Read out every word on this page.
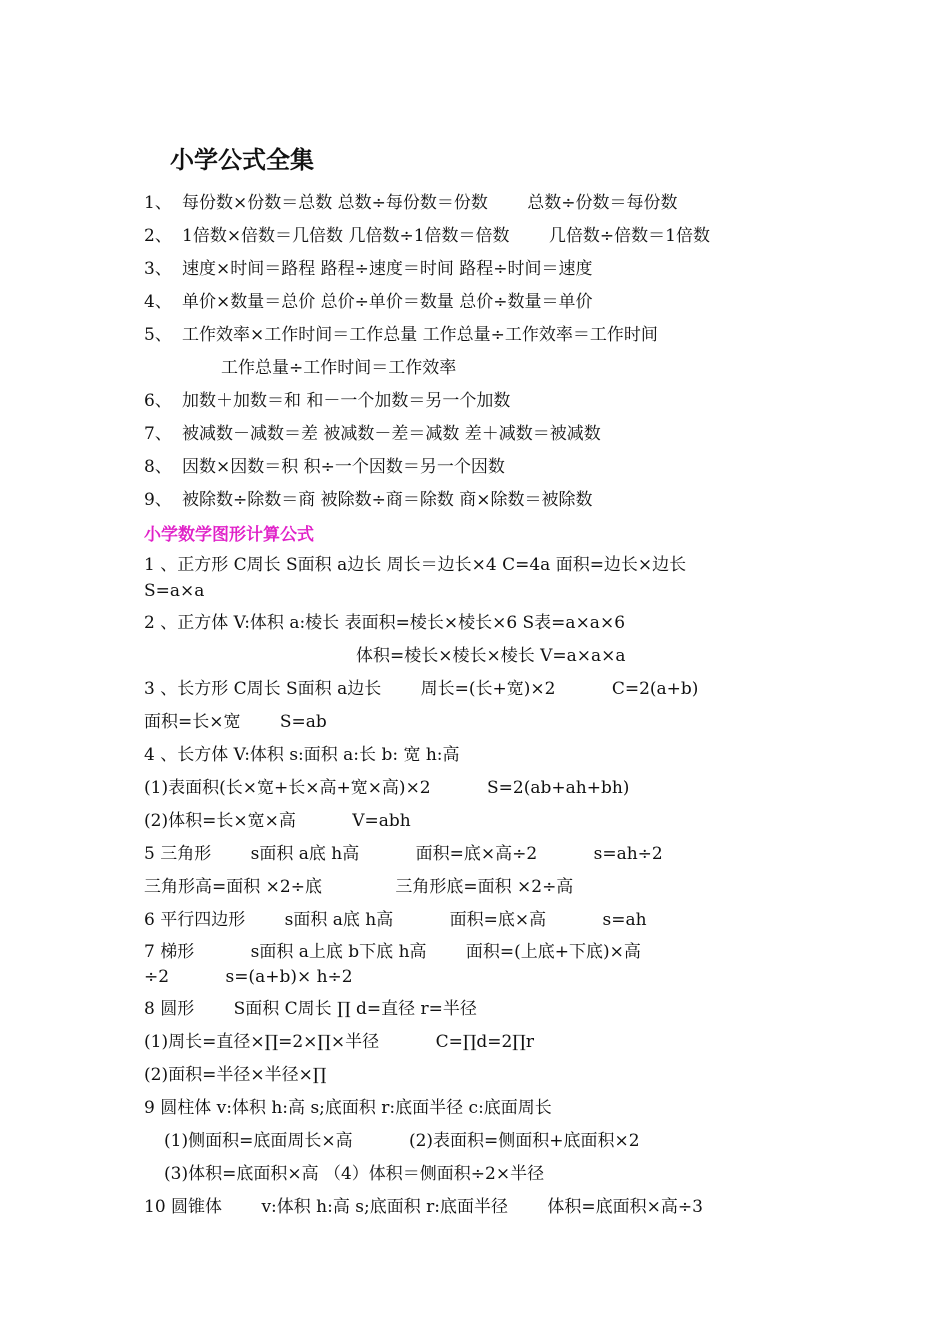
小学公式全集
1、 每份数×份数＝总数 总数÷每份数＝份数 　　总数÷份数＝每份数
2、 1倍数×倍数＝几倍数 几倍数÷1倍数＝倍数 　　几倍数÷倍数＝1倍数
3、 速度×时间＝路程 路程÷速度＝时间 路程÷时间＝速度
4、 单价×数量＝总价 总价÷单价＝数量 总价÷数量＝单价
5、 工作效率×工作时间＝工作总量 工作总量÷工作效率＝工作时间
工作总量÷工作时间＝工作效率
6、 加数＋加数＝和 和－一个加数＝另一个加数
7、 被减数－减数＝差 被减数－差＝减数 差＋减数＝被减数
8、 因数×因数＝积 积÷一个因数＝另一个因数
9、 被除数÷除数＝商 被除数÷商＝除数 商×除数＝被除数
小学数学图形计算公式
1 、正方形 C周长 S面积 a边长 周长＝边长×4 C=4a 面积=边长×边长
S=a×a
2 、正方体 V:体积 a:棱长 表面积=棱长×棱长×6 S表=a×a×6
体积=棱长×棱长×棱长 V=a×a×a
3 、长方形 C周长 S面积 a边长 　　周长=(长+宽)×2 　　　C=2(a+b)
面积=长×宽 　　S=ab
4 、长方体 V:体积 s:面积 a:长 b: 宽 h:高
(1)表面积(长×宽+长×高+宽×高)×2 　　　S=2(ab+ah+bh)
(2)体积=长×宽×高 　　　V=abh
5 三角形 　　s面积 a底 h高 　　　面积=底×高÷2 　　　s=ah÷2
三角形高=面积 ×2÷底 　　　　三角形底=面积 ×2÷高
6 平行四边形 　　s面积 a底 h高 　　　面积=底×高 　　　s=ah
7 梯形 　　　s面积 a上底 b下底 h高 　　面积=(上底+下底)×高
÷2 　　　s=(a+b)× h÷2
8 圆形 　　S面积 C周长 ∏ d=直径 r=半径
(1)周长=直径×∏=2×∏×半径 　　　C=∏d=2∏r
(2)面积=半径×半径×∏
9 圆柱体 v:体积 h:高 s;底面积 r:底面半径 c:底面周长
(1)侧面积=底面周长×高 　　　(2)表面积=侧面积+底面积×2
(3)体积=底面积×高 （4）体积＝侧面积÷2×半径
10 圆锥体 　　v:体积 h:高 s;底面积 r:底面半径 　　体积=底面积×高÷3
